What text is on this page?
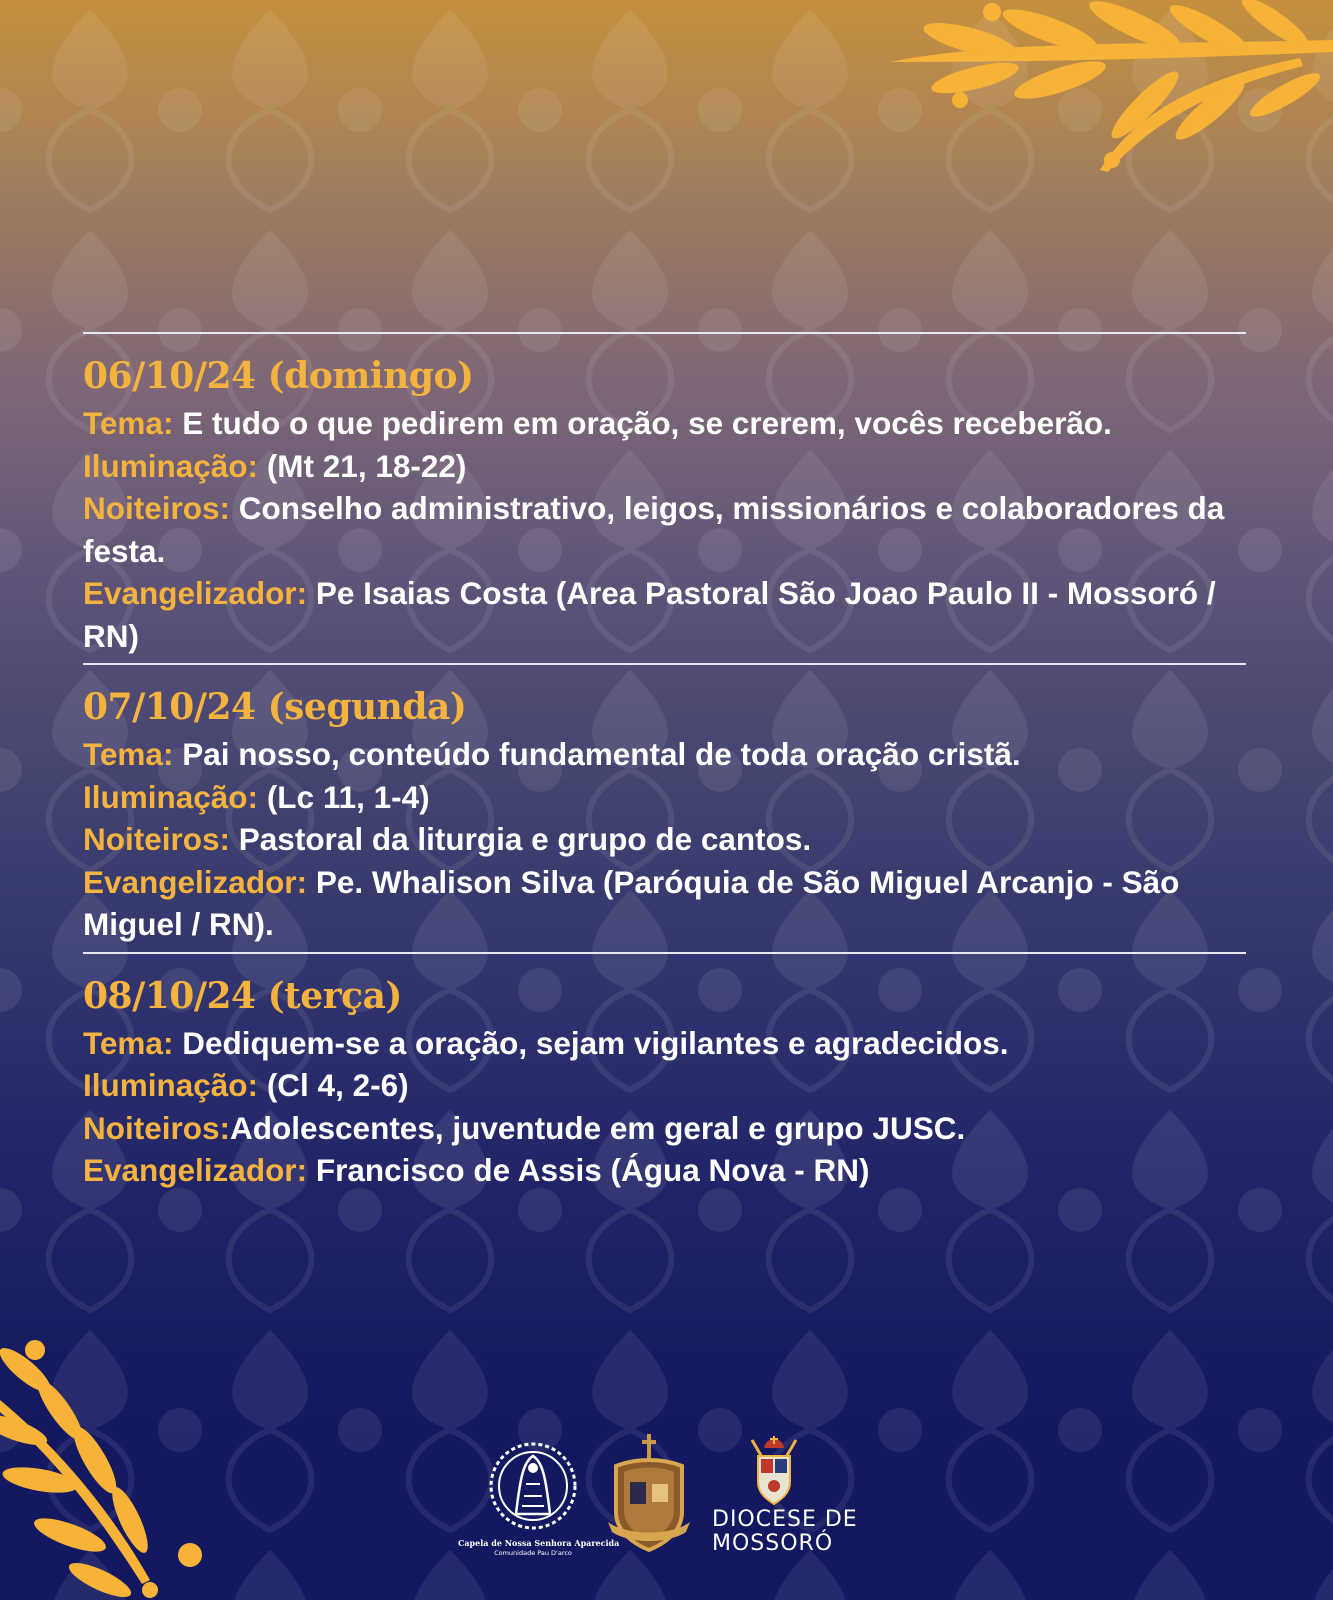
06/10/24 (domingo)

Tema: E tudo o que pedirem em oração, se crerem, vocês receberão.

Iluminação: (Mt 21, 18-22)

Noiteiros: Conselho administrativo, leigos, missionários e colaboradores da festa.

Evangelizador: Pe Isaias Costa (Area Pastoral São Joao Paulo II - Mossoró / RN)

07/10/24 (segunda)

Tema: Pai nosso, conteúdo fundamental de toda oração cristã.

Iluminação: (Lc 11, 1-4)

Noiteiros: Pastoral da liturgia e grupo de cantos.

Evangelizador: Pe. Whalison Silva (Paróquia de São Miguel Arcanjo - São Miguel / RN).

08/10/24 (terça)

Tema: Dediquem-se a oração, sejam vigilantes e agradecidos.

Iluminação: (Cl 4, 2-6)

Noiteiros:Adolescentes, juventude em geral e grupo JUSC.

Evangelizador: Francisco de Assis (Água Nova - RN)

Capela de Nossa Senhora Aparecida
Comunidade Pau D'arco
DIOCESE DE
MOSSORÓ
